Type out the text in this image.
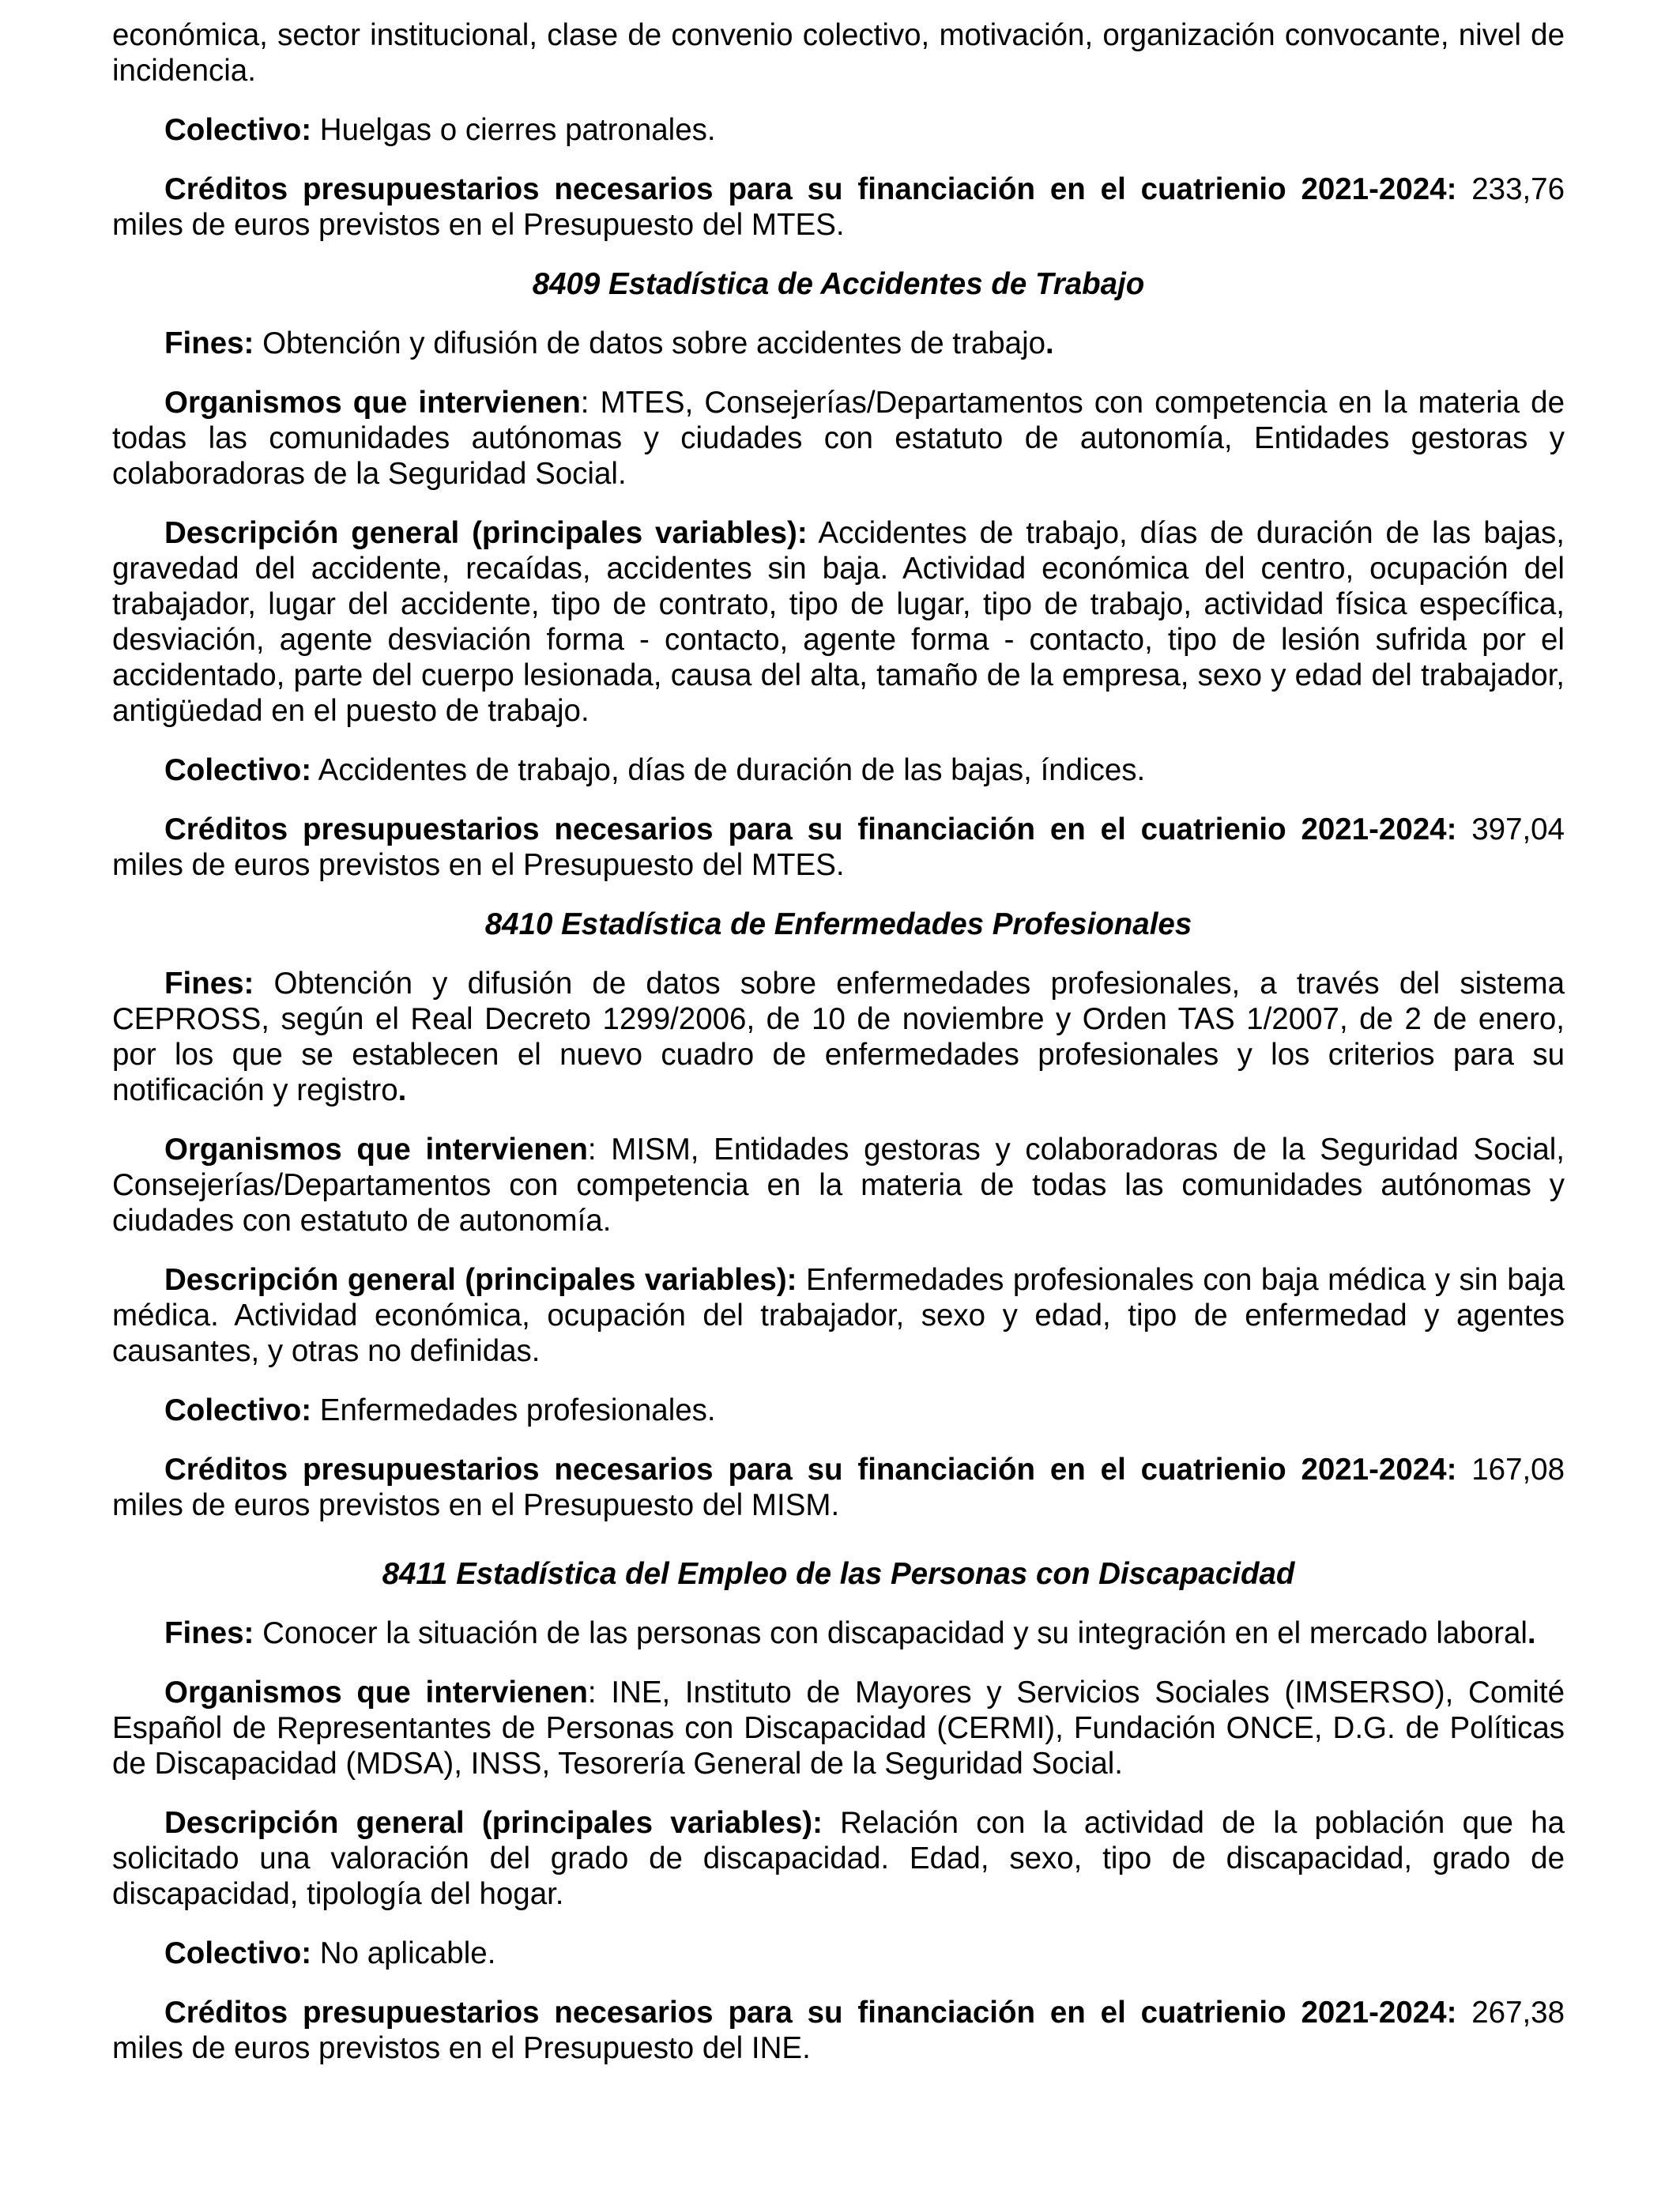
económica, sector institucional, clase de convenio colectivo, motivación, organización convocante, nivel de incidencia.

Colectivo: Huelgas o cierres patronales.

Créditos presupuestarios necesarios para su financiación en el cuatrienio 2021-2024: 233,76 miles de euros previstos en el Presupuesto del MTES.

8409 Estadística de Accidentes de Trabajo

Fines: Obtención y difusión de datos sobre accidentes de trabajo.

Organismos que intervienen: MTES, Consejerías/Departamentos con competencia en la materia de todas las comunidades autónomas y ciudades con estatuto de autonomía, Entidades gestoras y colaboradoras de la Seguridad Social.

Descripción general (principales variables): Accidentes de trabajo, días de duración de las bajas, gravedad del accidente, recaídas, accidentes sin baja. Actividad económica del centro, ocupación del trabajador, lugar del accidente, tipo de contrato, tipo de lugar, tipo de trabajo, actividad física específica, desviación, agente desviación forma - contacto, agente forma - contacto, tipo de lesión sufrida por el accidentado, parte del cuerpo lesionada, causa del alta, tamaño de la empresa, sexo y edad del trabajador, antigüedad en el puesto de trabajo.

Colectivo: Accidentes de trabajo, días de duración de las bajas, índices.

Créditos presupuestarios necesarios para su financiación en el cuatrienio 2021-2024: 397,04 miles de euros previstos en el Presupuesto del MTES.

8410 Estadística de Enfermedades Profesionales

Fines: Obtención y difusión de datos sobre enfermedades profesionales, a través del sistema CEPROSS, según el Real Decreto 1299/2006, de 10 de noviembre y Orden TAS 1/2007, de 2 de enero, por los que se establecen el nuevo cuadro de enfermedades profesionales y los criterios para su notificación y registro.

Organismos que intervienen: MISM, Entidades gestoras y colaboradoras de la Seguridad Social, Consejerías/Departamentos con competencia en la materia de todas las comunidades autónomas y ciudades con estatuto de autonomía.

Descripción general (principales variables): Enfermedades profesionales con baja médica y sin baja médica. Actividad económica, ocupación del trabajador, sexo y edad, tipo de enfermedad y agentes causantes, y otras no definidas.

Colectivo: Enfermedades profesionales.

Créditos presupuestarios necesarios para su financiación en el cuatrienio 2021-2024: 167,08 miles de euros previstos en el Presupuesto del MISM.

8411 Estadística del Empleo de las Personas con Discapacidad

Fines: Conocer la situación de las personas con discapacidad y su integración en el mercado laboral.

Organismos que intervienen: INE, Instituto de Mayores y Servicios Sociales (IMSERSO), Comité Español de Representantes de Personas con Discapacidad (CERMI), Fundación ONCE, D.G. de Políticas de Discapacidad (MDSA), INSS, Tesorería General de la Seguridad Social.

Descripción general (principales variables): Relación con la actividad de la población que ha solicitado una valoración del grado de discapacidad. Edad, sexo, tipo de discapacidad, grado de discapacidad, tipología del hogar.

Colectivo: No aplicable.

Créditos presupuestarios necesarios para su financiación en el cuatrienio 2021-2024: 267,38 miles de euros previstos en el Presupuesto del INE.
